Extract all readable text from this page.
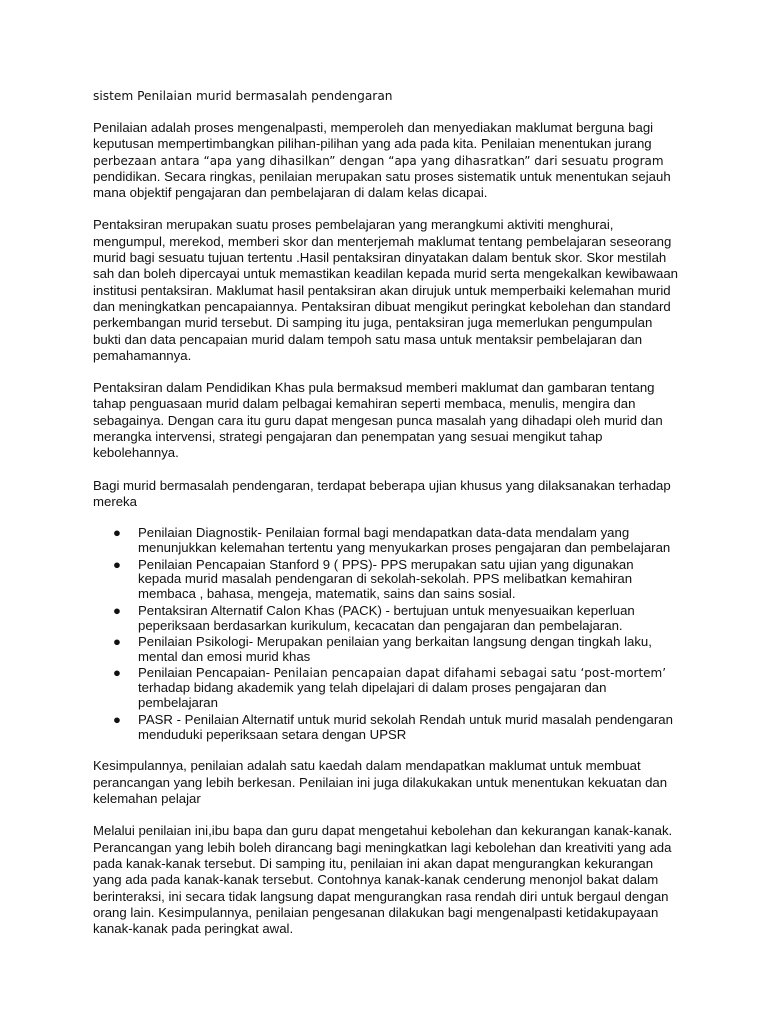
sistem Penilaian murid bermasalah pendengaran

Penilaian adalah proses mengenalpasti, memperoleh dan menyediakan maklumat berguna bagi keputusan mempertimbangkan pilihan-pilihan yang ada pada kita. Penilaian menentukan jurang perbezaan antara “apa yang dihasilkan” dengan “apa yang dihasratkan” dari sesuatu program pendidikan. Secara ringkas, penilaian merupakan satu proses sistematik untuk menentukan sejauh mana objektif pengajaran dan pembelajaran di dalam kelas dicapai.

Pentaksiran merupakan suatu proses pembelajaran yang merangkumi aktiviti menghurai, mengumpul, merekod, memberi skor dan menterjemah maklumat tentang pembelajaran seseorang murid bagi sesuatu tujuan tertentu .Hasil pentaksiran dinyatakan dalam bentuk skor. Skor mestilah sah dan boleh dipercayai untuk memastikan keadilan kepada murid serta mengekalkan kewibawaan institusi pentaksiran. Maklumat hasil pentaksiran akan dirujuk untuk memperbaiki kelemahan murid dan meningkatkan pencapaiannya. Pentaksiran dibuat mengikut peringkat kebolehan dan standard perkembangan murid tersebut. Di samping itu juga, pentaksiran juga memerlukan pengumpulan bukti dan data pencapaian murid dalam tempoh satu masa untuk mentaksir pembelajaran dan pemahamannya.

Pentaksiran dalam Pendidikan Khas pula bermaksud memberi maklumat dan gambaran tentang tahap penguasaan murid dalam pelbagai kemahiran seperti membaca, menulis, mengira dan sebagainya. Dengan cara itu guru dapat mengesan punca masalah yang dihadapi oleh murid dan merangka intervensi, strategi pengajaran dan penempatan yang sesuai mengikut tahap kebolehannya.

Bagi murid bermasalah pendengaran, terdapat beberapa ujian khusus yang dilaksanakan terhadap mereka

● Penilaian Diagnostik- Penilaian formal bagi mendapatkan data-data mendalam yang menunjukkan kelemahan tertentu yang menyukarkan proses pengajaran dan pembelajaran
● Penilaian Pencapaian Stanford 9 ( PPS)- PPS merupakan satu ujian yang digunakan kepada murid masalah pendengaran di sekolah-sekolah. PPS melibatkan kemahiran membaca , bahasa, mengeja, matematik, sains dan sains sosial.
● Pentaksiran Alternatif Calon Khas (PACK) - bertujuan untuk menyesuaikan keperluan peperiksaan berdasarkan kurikulum, kecacatan dan pengajaran dan pembelajaran.
● Penilaian Psikologi- Merupakan penilaian yang berkaitan langsung dengan tingkah laku, mental dan emosi murid khas
● Penilaian Pencapaian- Penilaian pencapaian dapat difahami sebagai satu ‘post-mortem’ terhadap bidang akademik yang telah dipelajari di dalam proses pengajaran dan pembelajaran
● PASR - Penilaian Alternatif untuk murid sekolah Rendah untuk murid masalah pendengaran menduduki peperiksaan setara dengan UPSR

Kesimpulannya, penilaian adalah satu kaedah dalam mendapatkan maklumat untuk membuat perancangan yang lebih berkesan. Penilaian ini juga dilakukakan untuk menentukan kekuatan dan kelemahan pelajar

Melalui penilaian ini,ibu bapa dan guru dapat mengetahui kebolehan dan kekurangan kanak-kanak. Perancangan yang lebih boleh dirancang bagi meningkatkan lagi kebolehan dan kreativiti yang ada pada kanak-kanak tersebut. Di samping itu, penilaian ini akan dapat mengurangkan kekurangan yang ada pada kanak-kanak tersebut. Contohnya kanak-kanak cenderung menonjol bakat dalam berinteraksi, ini secara tidak langsung dapat mengurangkan rasa rendah diri untuk bergaul dengan orang lain. Kesimpulannya, penilaian pengesanan dilakukan bagi mengenalpasti ketidakupayaan kanak-kanak pada peringkat awal.
